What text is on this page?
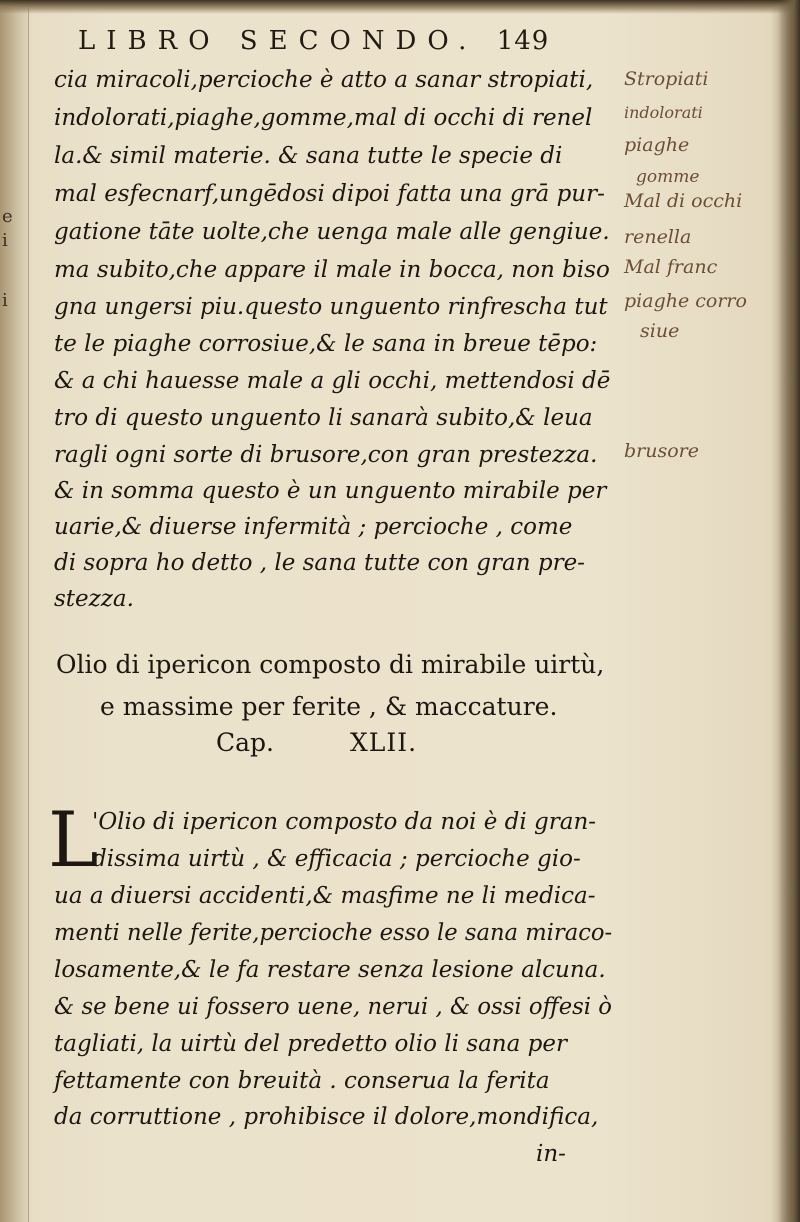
e
i
i
LIBRO SECONDO. 149
cia miracoli,percioche è atto a sanar stropiati,
indolorati,piaghe,gomme,mal di occhi di renel
la.& simil materie. & sana tutte le specie di
mal esfecnarf,ungēdosi dipoi fatta una grā pur-
gatione tāte uolte,che uenga male alle gengiue.
ma subito,che appare il male in bocca, non biso
gna ungersi piu.questo unguento rinfrescha tut
te le piaghe corrosiue,& le sana in breue tēpo:
& a chi hauesse male a gli occhi, mettendosi dē
tro di questo unguento li sanarà subito,& leua
ragli ogni sorte di brusore,con gran prestezza.
& in somma questo è un unguento mirabile per
uarie,& diuerse infermità ; percioche , come
di sopra ho detto , le sana tutte con gran pre-
stezza.
Olio di ipericon composto di mirabile uirtù,
e massime per ferite , & maccature.
Cap.	XLII.
L
'Olio di ipericon composto da noi è di gran-
dissima uirtù , & efficacia ; percioche gio-
ua a diuersi accidenti,& masƒime ne li medica-
menti nelle ferite,percioche esso le sana miraco-
losamente,& le fa restare senza lesione alcuna.
& se bene ui fossero uene, nerui , & ossi offesi ò
tagliati, la uirtù del predetto olio li sana per
fettamente con breuità . conserua la ferita
da corruttione , prohibisce il dolore,mondifica,
in-
Stropiati
indolorati
piaghe
gomme
Mal di occhi
renella
Mal franc
piaghe corro
siue
brusore
